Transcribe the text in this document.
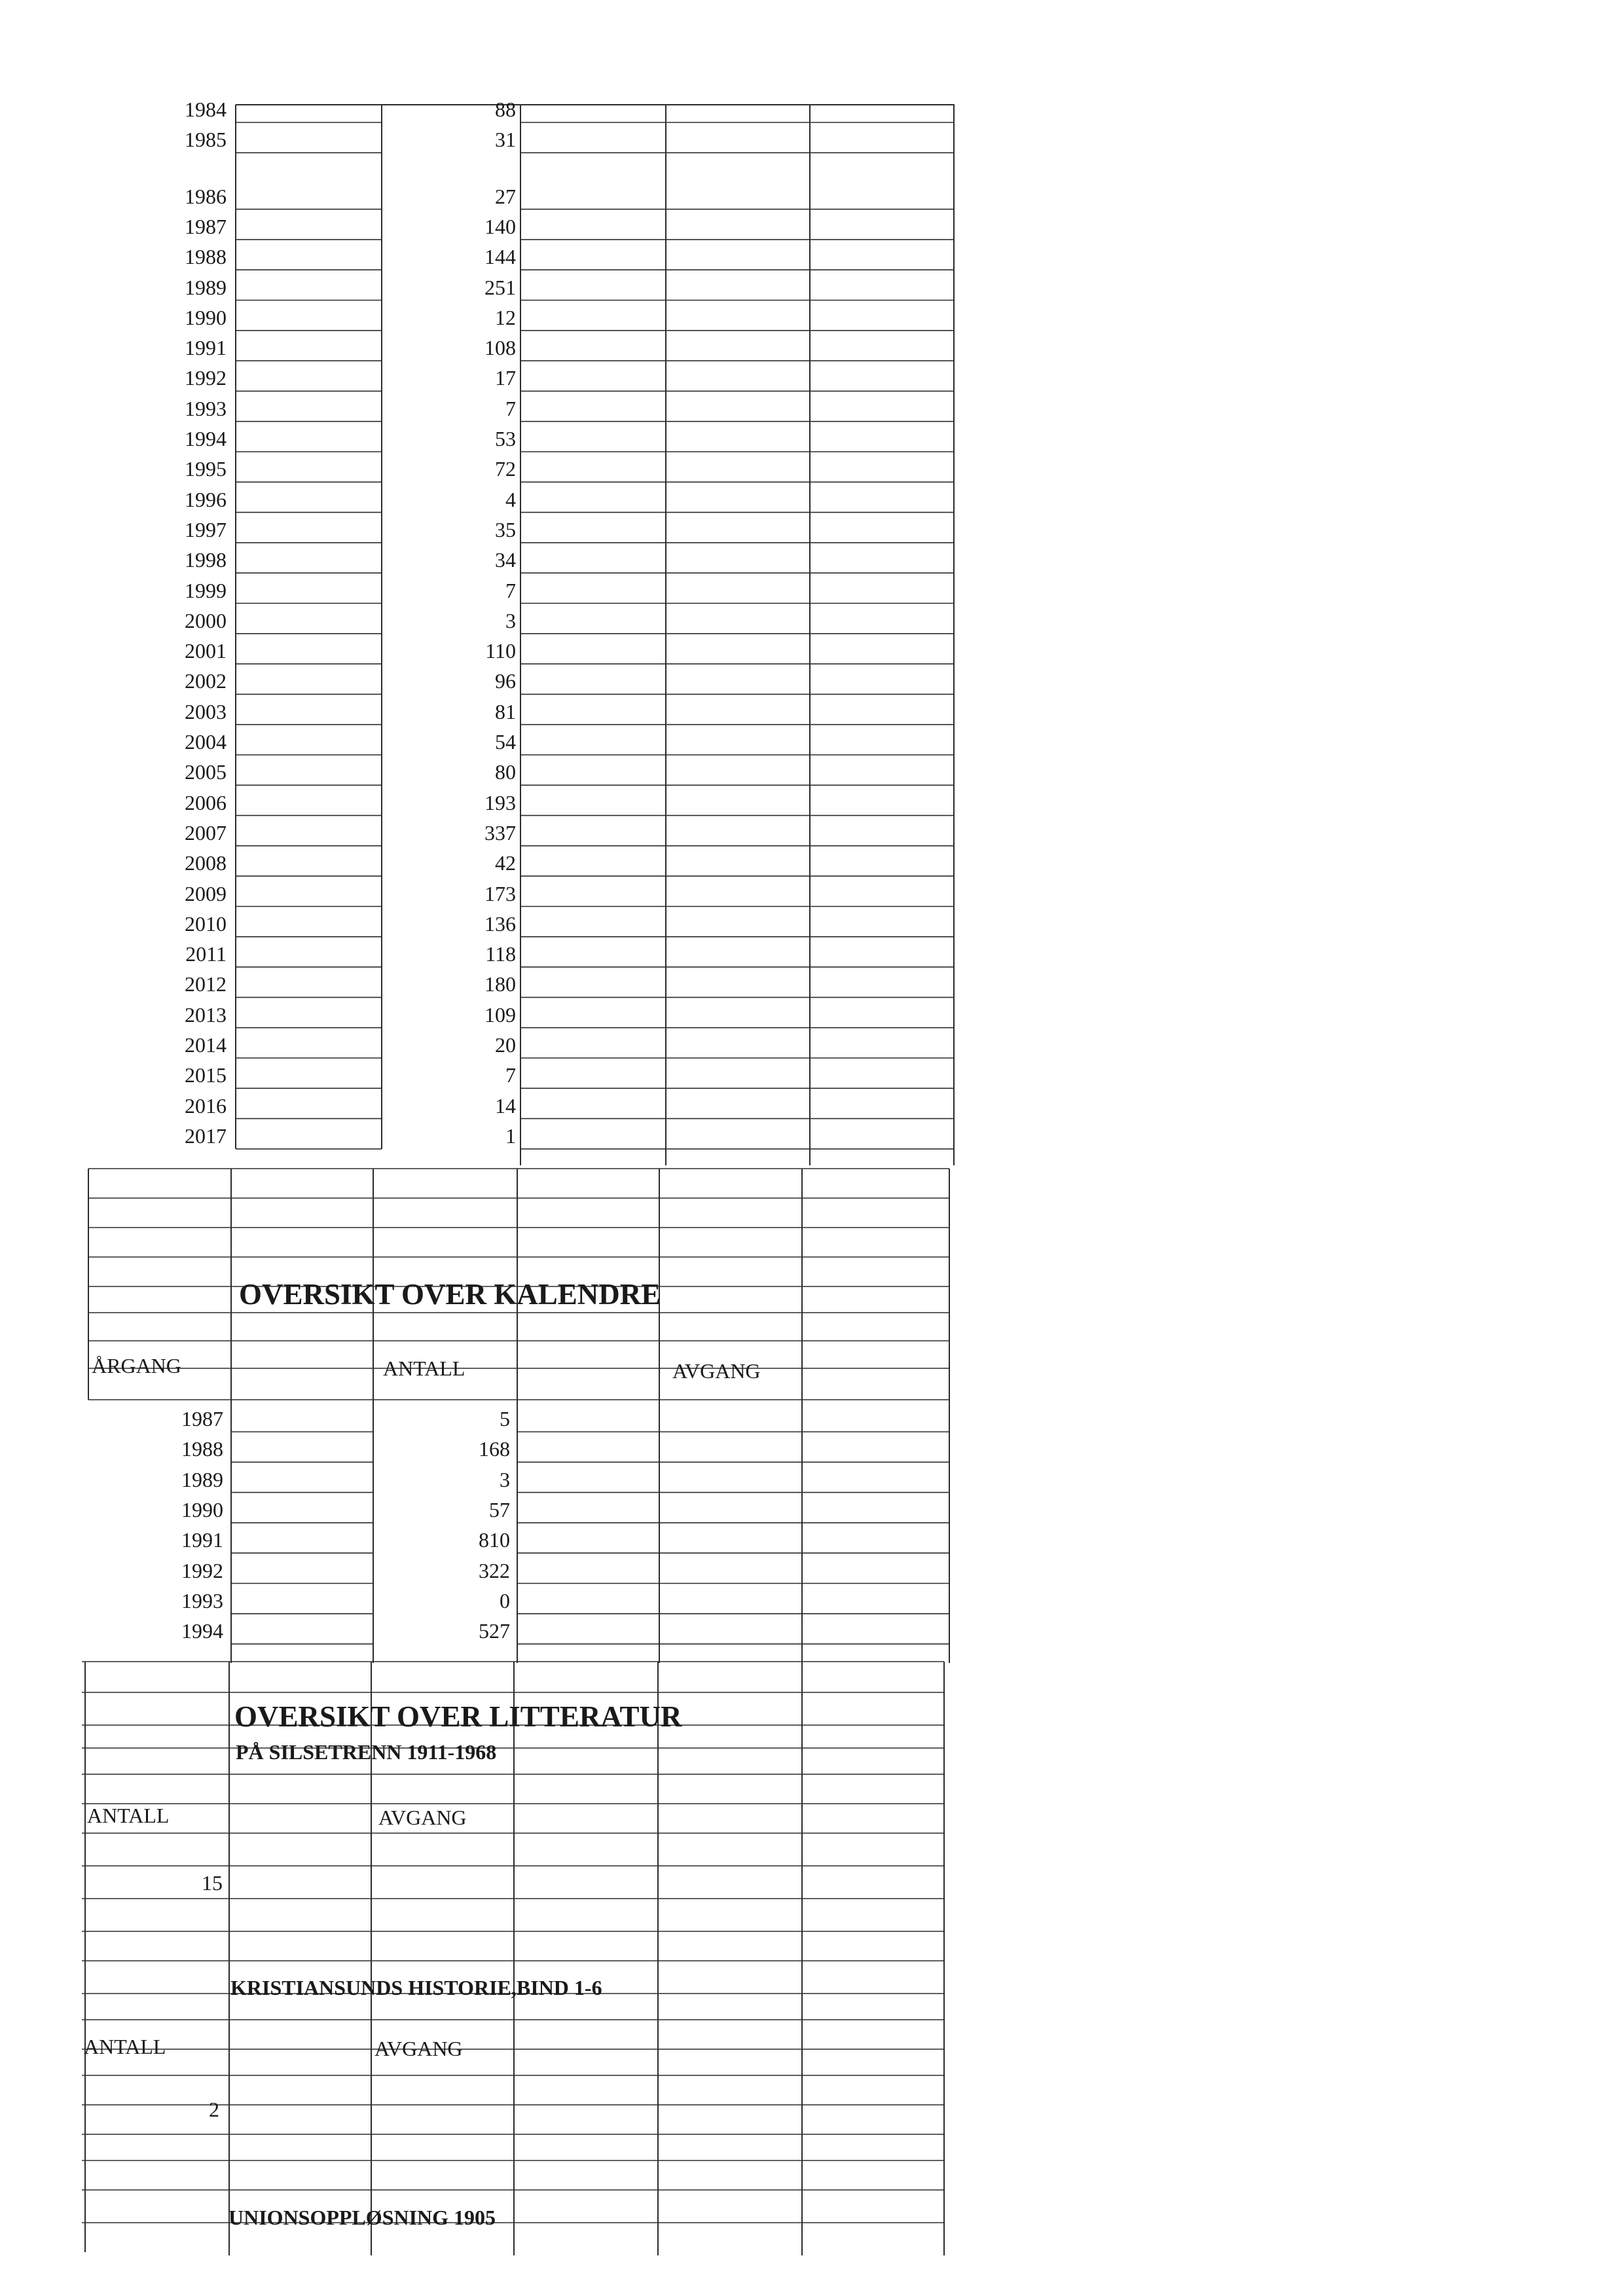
1984	88
1985	31
1986	27
1987	140
1988	144
1989	251
1990	12
1991	108
1992	17
1993	7
1994	53
1995	72
1996	4
1997	35
1998	34
1999	7
2000	3
2001	110
2002	96
2003	81
2004	54
2005	80
2006	193
2007	337
2008	42
2009	173
2010	136
2011	118
2012	180
2013	109
2014	20
2015	7
2016	14
2017	1
OVERSIKT OVER KALENDRE
ÅRGANG	ANTALL	AVGANG
1987	5
1988	168
1989	3
1990	57
1991	810
1992	322
1993	0
1994	527
OVERSIKT OVER LITTERATUR
PÅ SILSETRENN 1911-1968
ANTALL	AVGANG
15
KRISTIANSUNDS HISTORIE,BIND 1-6
ANTALL	AVGANG
2
UNIONSOPPLØSNING 1905
